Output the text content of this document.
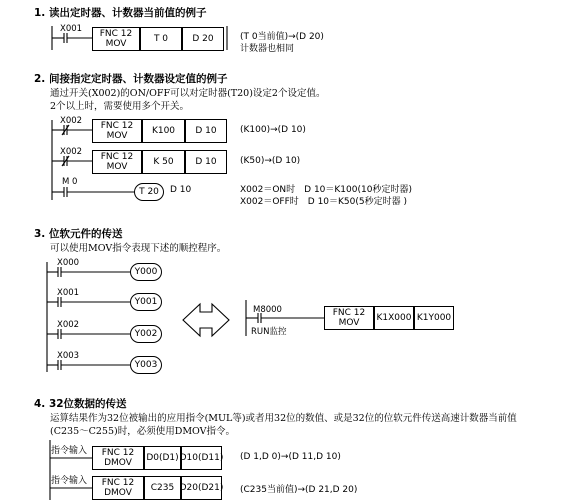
1. 读出定时器、计数器当前值的例子
X001	FNC 12
MOV	T 0	D 20	(T 0当前值)→(D 20)
计数器也相同
2. 间接指定定时器、计数器设定值的例子
通过开关(X002)的ON/OFF可以对定时器(T20)设定2个设定值。
2个以上时，需要使用多个开关。
X002	FNC 12
MOV	K100	D 10	(K100)→(D 10)
X002	FNC 12
MOV	K 50	D 10	(K50)→(D 10)
M 0
T 20	D 10	X002＝ON时　D 10＝K100(10秒定时器)
X002＝OFF时　D 10＝K50(5秒定时器 )
3. 位软元件的传送
可以使用MOV指令表现下述的顺控程序。
X000
Y000
X001
Y001
X002
Y002
X003
Y003
M8000
RUN监控
FNC 12
MOV	K1X000 K1Y000
4. 32位数据的传送
运算结果作为32位被输出的应用指令(MUL等)或者用32位的数值、或是32位的位软元件传送高速计数器当前值
(C235～C255)时，必须使用DMOV指令。
指令输入	FNC 12
DMOV	D0(D1) D10(D11) (D 1,D 0)→(D 11,D 10)
指令输入	FNC 12
DMOV	C235 D20(D21) (C235当前值)→(D 21,D 20)
